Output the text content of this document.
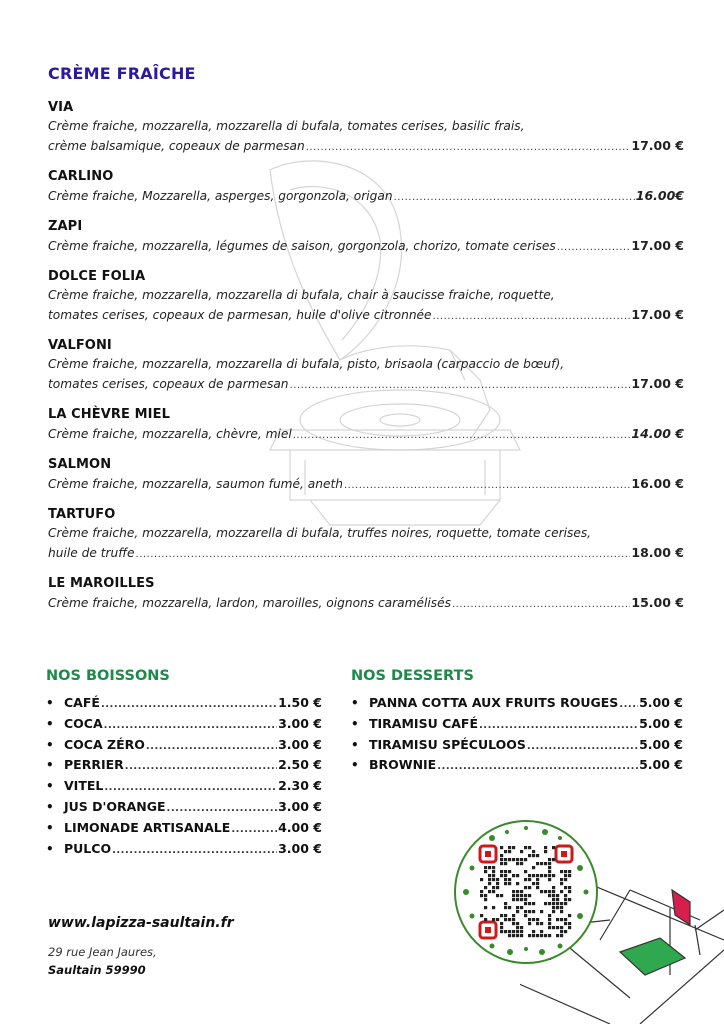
CRÈME FRAÎCHE
VIA
Crème fraiche, mozzarella, mozzarella di bufala, tomates cerises, basilic frais,
crème balsamique, copeaux de parmesan .....	17.00 €
CARLINO
Crème fraiche, Mozzarella, asperges, gorgonzola, origan .....	16.00€
ZAPI
Crème fraiche, mozzarella, légumes de saison, gorgonzola, chorizo, tomate cerises .....	17.00 €
DOLCE FOLIA
Crème fraiche, mozzarella, mozzarella di bufala, chair à saucisse fraiche, roquette,
tomates cerises, copeaux de parmesan, huile d'olive citronnée .....	17.00 €
VALFONI
Crème fraiche, mozzarella, mozzarella di bufala, pisto, brisaola (carpaccio de bœuf),
tomates cerises, copeaux de parmesan .....	17.00 €
LA CHÈVRE MIEL
Crème fraiche, mozzarella, chèvre, miel .....	14.00 €
SALMON
Crème fraiche, mozzarella, saumon fumé, aneth .....	16.00 €
TARTUFO
Crème fraiche, mozzarella, mozzarella di bufala, truffes noires, roquette, tomate cerises,
huile de truffe .....	18.00 €
LE MAROILLES
Crème fraiche, mozzarella, lardon, maroilles, oignons caramélisés .....	15.00 €
NOS BOISSONS
• CAFÉ .....	1.50 €
• COCA .....	3.00 €
• COCA ZÉRO .....	3.00 €
• PERRIER .....	2.50 €
• VITEL .....	2.30 €
• JUS D'ORANGE .....	3.00 €
• LIMONADE ARTISANALE .....	4.00 €
• PULCO .....	3.00 €
NOS DESSERTS
• PANNA COTTA AUX FRUITS ROUGES ..... 5.00 €
• TIRAMISU CAFÉ .....	5.00 €
• TIRAMISU SPÉCULOOS .....	5.00 €
• BROWNIE .....	5.00 €
www.lapizza-saultain.fr
29 rue Jean Jaures,
Saultain 59990
